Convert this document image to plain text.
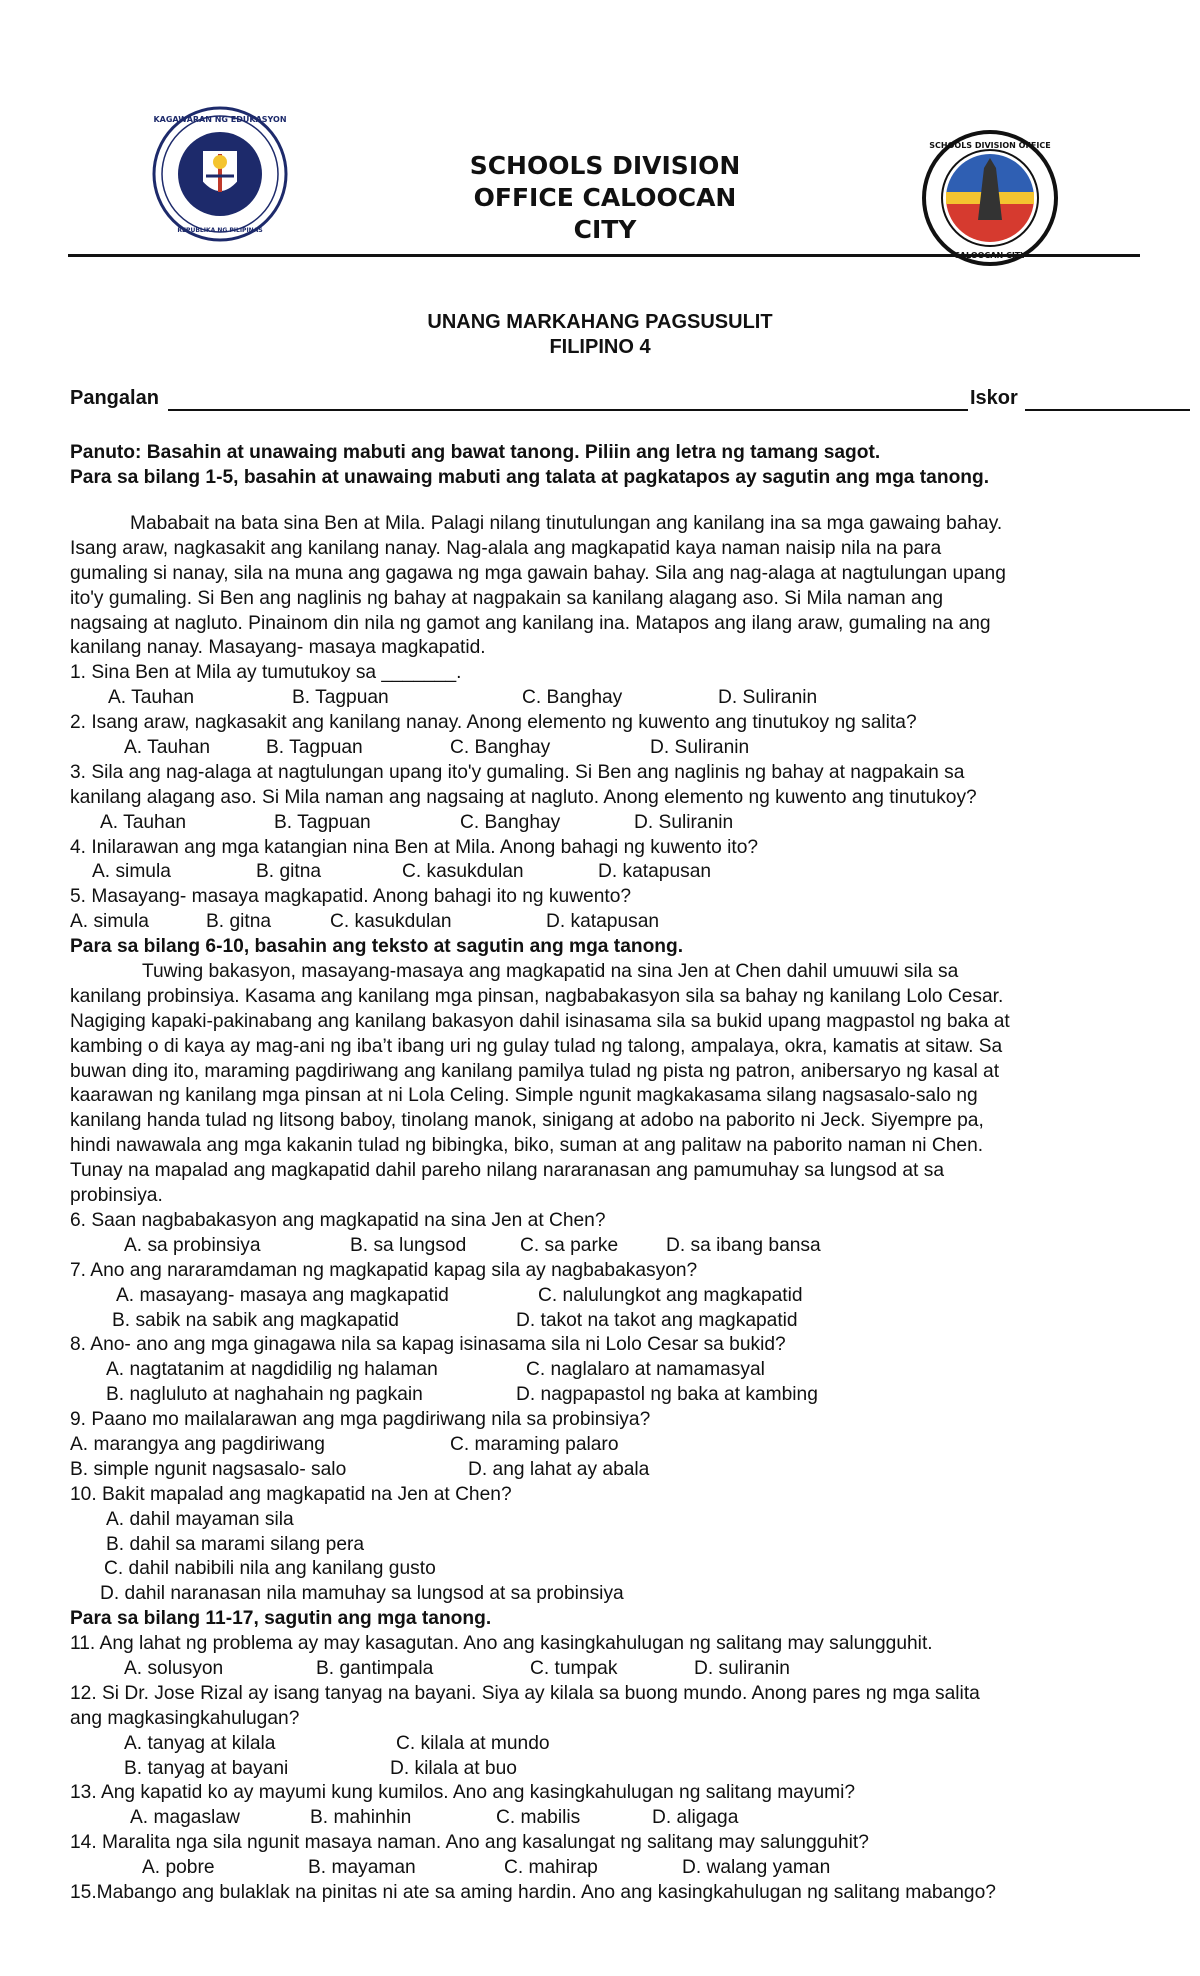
KAGAWARAN NG EDUKASYON
REPUBLIKA NG PILIPINAS
SCHOOLS DIVISION
OFFICE CALOOCAN
CITY
SCHOOLS DIVISION OFFICE
UNANG MARKAHANG PAGSUSULIT
FILIPINO 4
Pangalan	Iskor
Panuto: Basahin at unawaing mabuti ang bawat tanong. Piliin ang letra ng tamang sagot.
Para sa bilang 1-5, basahin at unawaing mabuti ang talata at pagkatapos ay sagutin ang mga tanong.
Mababait na bata sina Ben at Mila. Palagi nilang tinutulungan ang kanilang ina sa mga gawaing bahay.
Isang araw, nagkasakit ang kanilang nanay. Nag-alala ang magkapatid kaya naman naisip nila na para
gumaling si nanay, sila na muna ang gagawa ng mga gawain bahay. Sila ang nag-alaga at nagtulungan upang
ito'y gumaling. Si Ben ang naglinis ng bahay at nagpakain sa kanilang alagang aso. Si Mila naman ang
nagsaing at nagluto. Pinainom din nila ng gamot ang kanilang ina. Matapos ang ilang araw, gumaling na ang
kanilang nanay. Masayang- masaya magkapatid.
1. Sina Ben at Mila ay tumutukoy sa _______.
A. Tauhan	B. Tagpuan	C. Banghay	D. Suliranin
2. Isang araw, nagkasakit ang kanilang nanay. Anong elemento ng kuwento ang tinutukoy ng salita?
A. Tauhan	B. Tagpuan	C. Banghay	D. Suliranin
3. Sila ang nag-alaga at nagtulungan upang ito'y gumaling. Si Ben ang naglinis ng bahay at nagpakain sa
kanilang alagang aso. Si Mila naman ang nagsaing at nagluto. Anong elemento ng kuwento ang tinutukoy?
A. Tauhan	B. Tagpuan	C. Banghay	D. Suliranin
4. Inilarawan ang mga katangian nina Ben at Mila. Anong bahagi ng kuwento ito?
A. simula	B. gitna	C. kasukdulan	D. katapusan
5. Masayang- masaya magkapatid. Anong bahagi ito ng kuwento?
A. simula	B. gitna	C. kasukdulan	D. katapusan
Para sa bilang 6-10, basahin ang teksto at sagutin ang mga tanong.
Tuwing bakasyon, masayang-masaya ang magkapatid na sina Jen at Chen dahil umuuwi sila sa
kanilang probinsiya. Kasama ang kanilang mga pinsan, nagbabakasyon sila sa bahay ng kanilang Lolo Cesar.
Nagiging kapaki-pakinabang ang kanilang bakasyon dahil isinasama sila sa bukid upang magpastol ng baka at
kambing o di kaya ay mag-ani ng iba’t ibang uri ng gulay tulad ng talong, ampalaya, okra, kamatis at sitaw. Sa
buwan ding ito, maraming pagdiriwang ang kanilang pamilya tulad ng pista ng patron, anibersaryo ng kasal at
kaarawan ng kanilang mga pinsan at ni Lola Celing. Simple ngunit magkakasama silang nagsasalo-salo ng
kanilang handa tulad ng litsong baboy, tinolang manok, sinigang at adobo na paborito ni Jeck. Siyempre pa,
hindi nawawala ang mga kakanin tulad ng bibingka, biko, suman at ang palitaw na paborito naman ni Chen.
Tunay na mapalad ang magkapatid dahil pareho nilang nararanasan ang pamumuhay sa lungsod at sa
probinsiya.
6. Saan nagbabakasyon ang magkapatid na sina Jen at Chen?
A. sa probinsiya	B. sa lungsod	C. sa parke D. sa ibang bansa
7. Ano ang nararamdaman ng magkapatid kapag sila ay nagbabakasyon?
A. masayang- masaya ang magkapatid	C. nalulungkot ang magkapatid
B. sabik na sabik ang magkapatid	D. takot na takot ang magkapatid
8. Ano- ano ang mga ginagawa nila sa kapag isinasama sila ni Lolo Cesar sa bukid?
A. nagtatanim at nagdidilig ng halaman	C. naglalaro at namamasyal
B. nagluluto at naghahain ng pagkain	D. nagpapastol ng baka at kambing
9. Paano mo mailalarawan ang mga pagdiriwang nila sa probinsiya?
A. marangya ang pagdiriwang	C. maraming palaro
B. simple ngunit nagsasalo- salo	D. ang lahat ay abala
10. Bakit mapalad ang magkapatid na Jen at Chen?
A. dahil mayaman sila
B. dahil sa marami silang pera
C. dahil nabibili nila ang kanilang gusto
D. dahil naranasan nila mamuhay sa lungsod at sa probinsiya
Para sa bilang 11-17, sagutin ang mga tanong.
11. Ang lahat ng problema ay may kasagutan. Ano ang kasingkahulugan ng salitang may salungguhit.
A. solusyon	B. gantimpala	C. tumpak	D. suliranin
12. Si Dr. Jose Rizal ay isang tanyag na bayani. Siya ay kilala sa buong mundo. Anong pares ng mga salita
ang magkasingkahulugan?
A. tanyag at kilala	C. kilala at mundo
B. tanyag at bayani	D. kilala at buo
13. Ang kapatid ko ay mayumi kung kumilos. Ano ang kasingkahulugan ng salitang mayumi?
A. magaslaw	B. mahinhin	C. mabilis	D. aligaga
14. Maralita nga sila ngunit masaya naman. Ano ang kasalungat ng salitang may salungguhit?
A. pobre	B. mayaman	C. mahirap	D. walang yaman
15.Mabango ang bulaklak na pinitas ni ate sa aming hardin. Ano ang kasingkahulugan ng salitang mabango?
